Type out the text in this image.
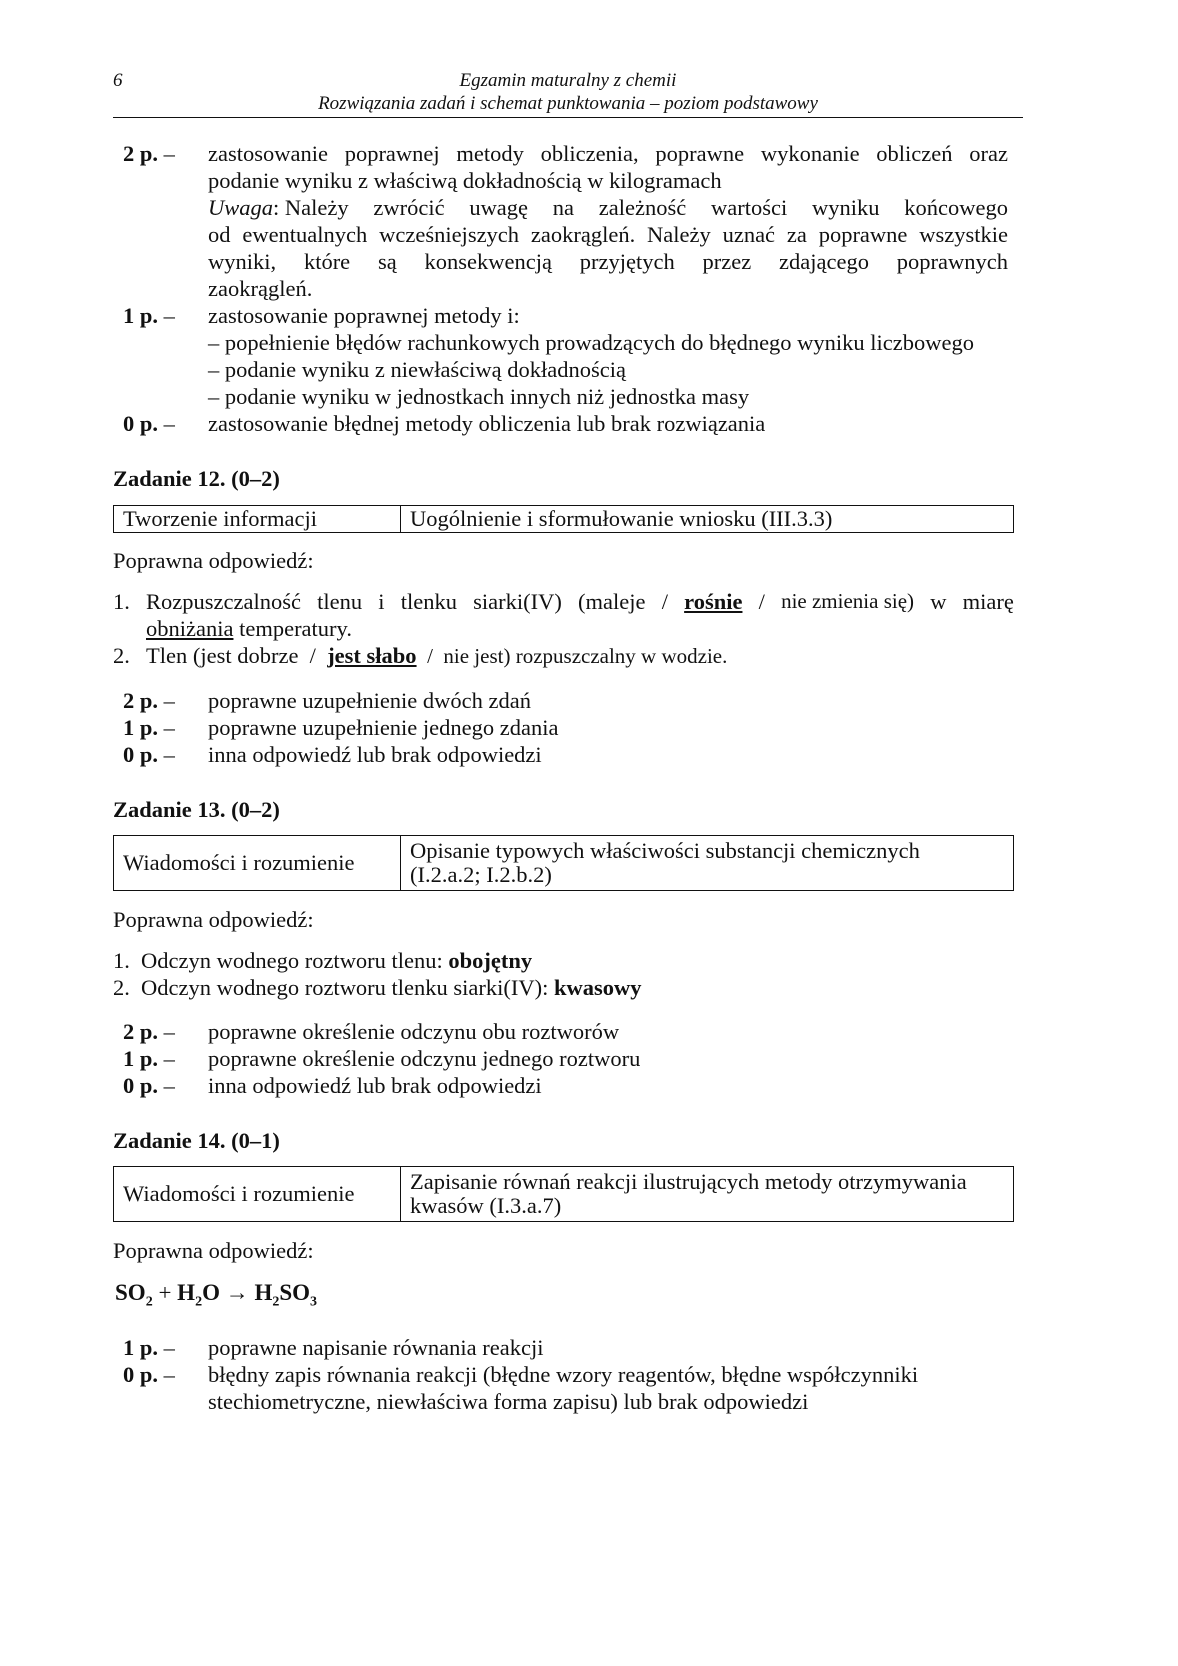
6	Egzamin maturalny z chemii
Rozwiązania zadań i schemat punktowania – poziom podstawowy
2 p. – zastosowanie poprawnej metody obliczenia, poprawne wykonanie obliczeń oraz
podanie wyniku z właściwą dokładnością w kilogramach
Uwaga: Należy zwrócić uwagę na zależność wartości wyniku końcowego
od ewentualnych wcześniejszych zaokrągleń. Należy uznać za poprawne wszystkie
wyniki, które są konsekwencją przyjętych przez zdającego poprawnych
zaokrągleń.
1 p. – zastosowanie poprawnej metody i:
– popełnienie błędów rachunkowych prowadzących do błędnego wyniku liczbowego
– podanie wyniku z niewłaściwą dokładnością
– podanie wyniku w jednostkach innych niż jednostka masy
0 p. – zastosowanie błędnej metody obliczenia lub brak rozwiązania
Zadanie 12. (0–2)
Tworzenie informacji	Uogólnienie i sformułowanie wniosku (III.3.3)
Poprawna odpowiedź:
1. Rozpuszczalność tlenu i tlenku siarki(IV) (maleje / rośnie / nie zmienia się) w miarę
obniżania temperatury.
2. Tlen (jest dobrze  /  jest słabo  /  nie jest) rozpuszczalny w wodzie.
2 p. – poprawne uzupełnienie dwóch zdań
1 p. – poprawne uzupełnienie jednego zdania
0 p. – inna odpowiedź lub brak odpowiedzi
Zadanie 13. (0–2)
Wiadomości i rozumienie	Opisanie typowych właściwości substancji chemicznych
(I.2.a.2; I.2.b.2)
Poprawna odpowiedź:
1. Odczyn wodnego roztworu tlenu: obojętny
2. Odczyn wodnego roztworu tlenku siarki(IV): kwasowy
2 p. – poprawne określenie odczynu obu roztworów
1 p. – poprawne określenie odczynu jednego roztworu
0 p. – inna odpowiedź lub brak odpowiedzi
Zadanie 14. (0–1)
Wiadomości i rozumienie	Zapisanie równań reakcji ilustrujących metody otrzymywania
kwasów (I.3.a.7)
Poprawna odpowiedź:
$SO_2 + H_2O \to H_2SO_3$
1 p. – poprawne napisanie równania reakcji
0 p. – błędny zapis równania reakcji (błędne wzory reagentów, błędne współczynniki
stechiometryczne, niewłaściwa forma zapisu) lub brak odpowiedzi
